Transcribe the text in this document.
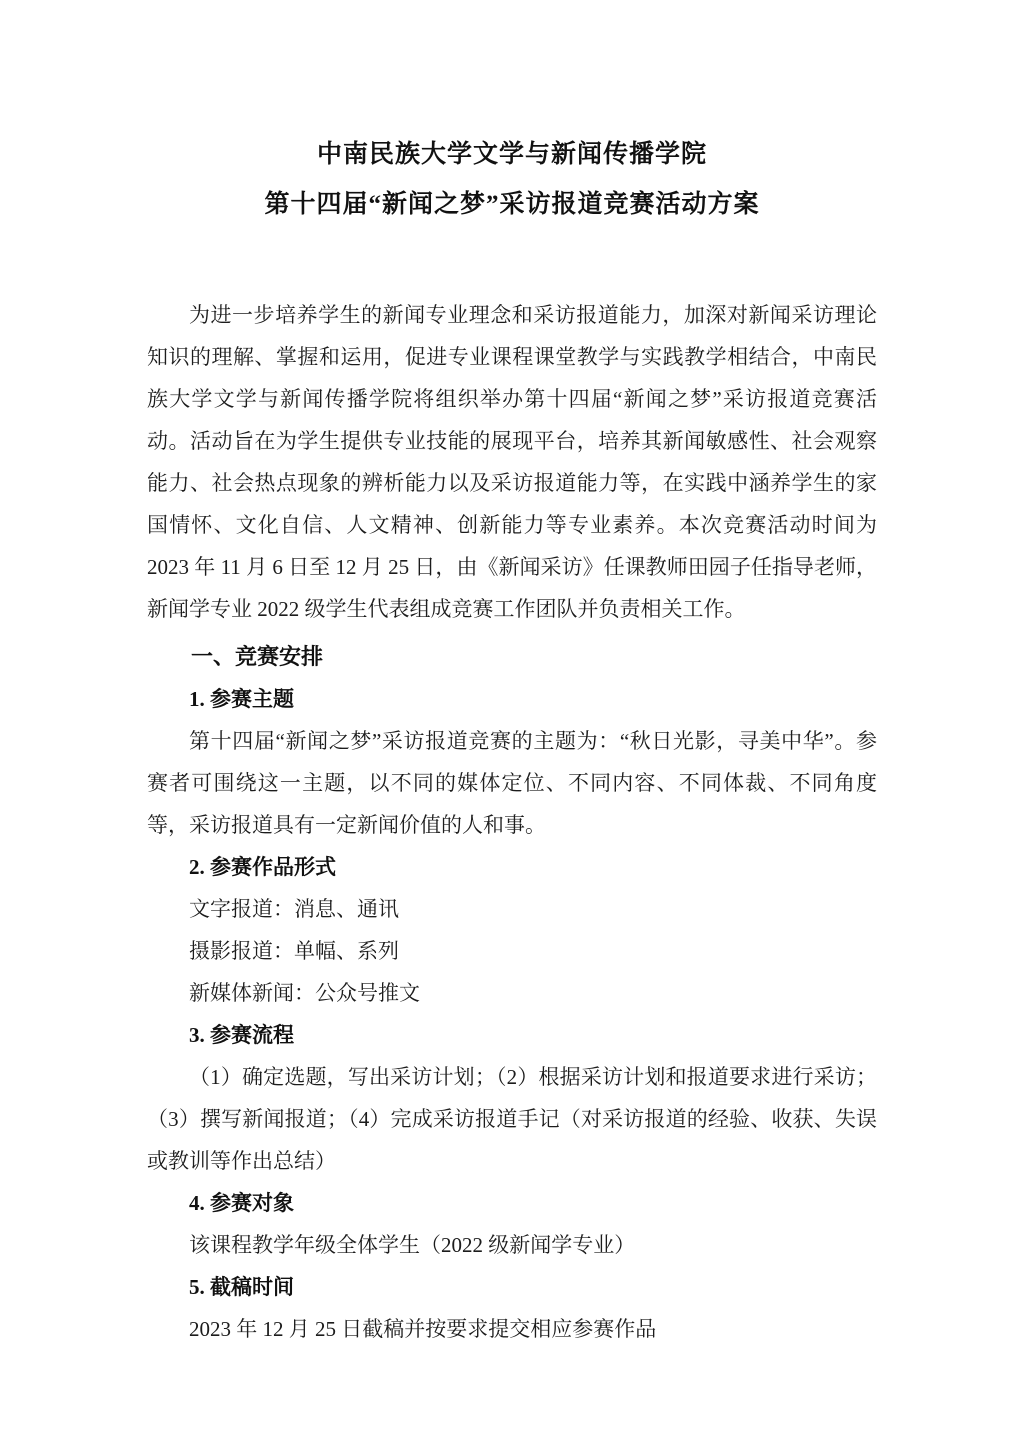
中南民族大学文学与新闻传播学院
第十四届“新闻之梦”采访报道竞赛活动方案

为进一步培养学生的新闻专业理念和采访报道能力，加深对新闻采访理论知识的理解、掌握和运用，促进专业课程课堂教学与实践教学相结合，中南民族大学文学与新闻传播学院将组织举办第十四届“新闻之梦”采访报道竞赛活动。活动旨在为学生提供专业技能的展现平台，培养其新闻敏感性、社会观察能力、社会热点现象的辨析能力以及采访报道能力等，在实践中涵养学生的家国情怀、文化自信、人文精神、创新能力等专业素养。本次竞赛活动时间为 2023 年 11 月 6 日至 12 月 25 日，由《新闻采访》任课教师田园子任指导老师，新闻学专业 2022 级学生代表组成竞赛工作团队并负责相关工作。

一、竞赛安排
1. 参赛主题

第十四届“新闻之梦”采访报道竞赛的主题为：“秋日光影，寻美中华”。参赛者可围绕这一主题，以不同的媒体定位、不同内容、不同体裁、不同角度等，采访报道具有一定新闻价值的人和事。

2. 参赛作品形式

文字报道：消息、通讯

摄影报道：单幅、系列

新媒体新闻：公众号推文

3. 参赛流程

（1）确定选题，写出采访计划；（2）根据采访计划和报道要求进行采访；（3）撰写新闻报道；（4）完成采访报道手记（对采访报道的经验、收获、失误或教训等作出总结）

4. 参赛对象

该课程教学年级全体学生（2022 级新闻学专业）

5. 截稿时间

2023 年 12 月 25 日截稿并按要求提交相应参赛作品
